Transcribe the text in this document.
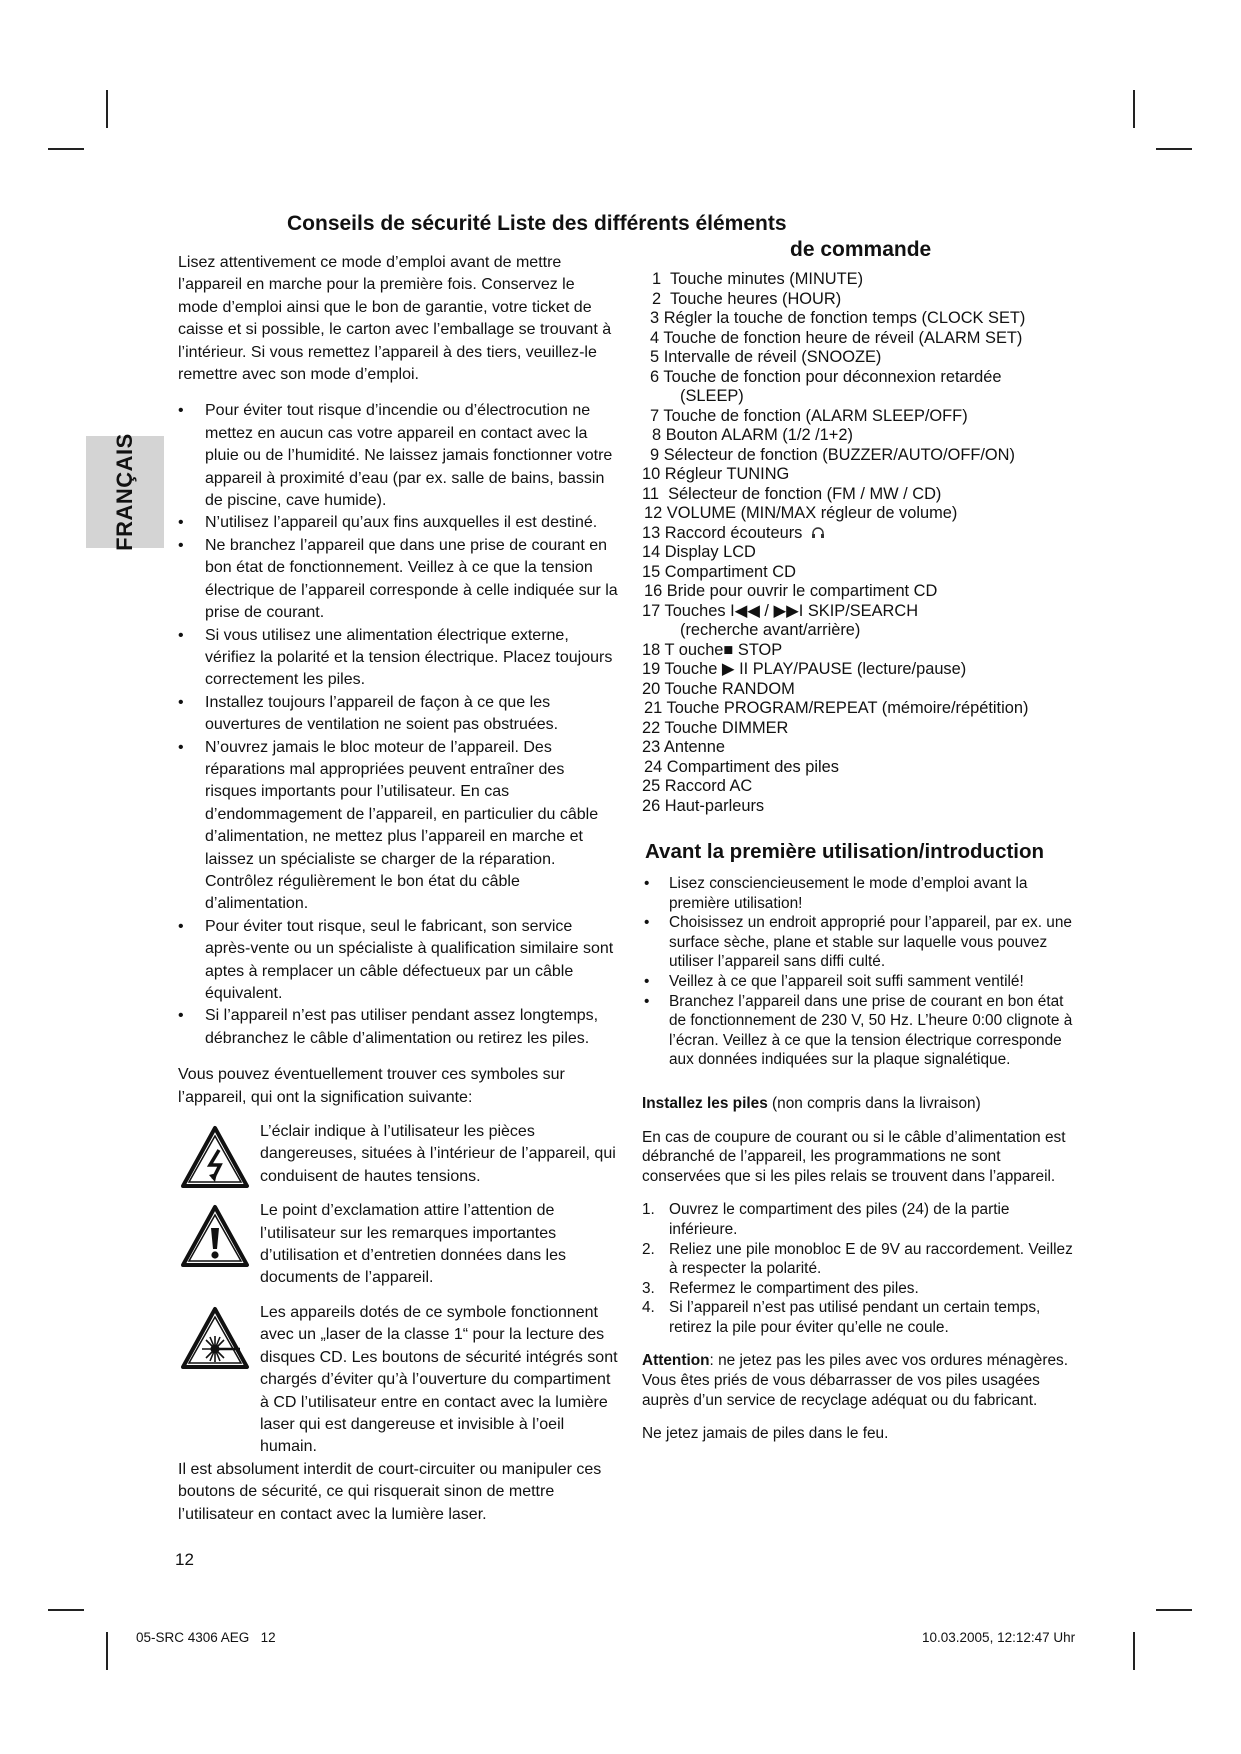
FRANÇAIS
Conseils de sécurité Liste des différents éléments
de commande

Lisez attentivement ce mode d’emploi avant de mettre l’appareil en marche pour la première fois. Conservez le mode d’emploi ainsi que le bon de garantie, votre ticket de caisse et si possible, le carton avec l’emballage se trouvant à l’intérieur. Si vous remettez l’appareil à des tiers, veuillez-le remettre avec son mode d’emploi.

• Pour éviter tout risque d’incendie ou d’électrocution ne mettez en aucun cas votre appareil en contact avec la pluie ou de l’humidité. Ne laissez jamais fonctionner votre appareil à proximité d’eau (par ex. salle de bains, bassin de piscine, cave humide).
• N’utilisez l’appareil qu’aux fins auxquelles il est destiné.
• Ne branchez l’appareil que dans une prise de courant en bon état de fonctionnement. Veillez à ce que la tension électrique de l’appareil corresponde à celle indiquée sur la prise de courant.
• Si vous utilisez une alimentation électrique externe, vérifiez la polarité et la tension électrique. Placez toujours correctement les piles.
• Installez toujours l’appareil de façon à ce que les ouvertures de ventilation ne soient pas obstruées.
• N’ouvrez jamais le bloc moteur de l’appareil. Des réparations mal appropriées peuvent entraîner des risques importants pour l’utilisateur. En cas d’endommagement de l’appareil, en particulier du câble d’alimentation, ne mettez plus l’appareil en marche et laissez un spécialiste se charger de la réparation. Contrôlez régulièrement le bon état du câble d’alimentation.
• Pour éviter tout risque, seul le fabricant, son service après-vente ou un spécialiste à qualification similaire sont aptes à remplacer un câble défectueux par un câble équivalent.
• Si l’appareil n’est pas utiliser pendant assez longtemps, débranchez le câble d’alimentation ou retirez les piles.

Vous pouvez éventuellement trouver ces symboles sur l’appareil, qui ont la signification suivante:

L’éclair indique à l’utilisateur les pièces dangereuses, situées à l’intérieur de l’appareil, qui conduisent de hautes tensions.

Le point d’exclamation attire l’attention de l’utilisateur sur les remarques importantes d’utilisation et d’entretien données dans les documents de l’appareil.

Les appareils dotés de ce symbole fonctionnent avec un „laser de la classe 1“ pour la lecture des disques CD. Les boutons de sécurité intégrés sont chargés d’éviter qu’à l’ouverture du compartiment à CD l’utilisateur entre en contact avec la lumière laser qui est dangereuse et invisible à l’oeil humain.

Il est absolument interdit de court-circuiter ou manipuler ces boutons de sécurité, ce qui risquerait sinon de mettre l’utilisateur en contact avec la lumière laser.

1 Touche minutes (MINUTE)
2 Touche heures (HOUR)
3 Régler la touche de fonction temps (CLOCK SET)
4 Touche de fonction heure de réveil (ALARM SET)
5 Intervalle de réveil (SNOOZE)
6 Touche de fonction pour déconnexion retardée
(SLEEP)
7 Touche de fonction (ALARM SLEEP/OFF)
8 Bouton ALARM (1/2 /1+2)
9 Sélecteur de fonction (BUZZER/AUTO/OFF/ON)
10 Régleur TUNING
11 Sélecteur de fonction (FM / MW / CD)
12 VOLUME (MIN/MAX régleur de volume)
13 Raccord écouteurs
14 Display LCD
15 Compartiment CD
16 Bride pour ouvrir le compartiment CD
17 Touches I◀◀ / ▶▶I SKIP/SEARCH
(recherche avant/arrière)
18 T ouche■ STOP
19 Touche ▶ II PLAY/PAUSE (lecture/pause)
20 Touche RANDOM
21 Touche PROGRAM/REPEAT (mémoire/répétition)
22 Touche DIMMER
23 Antenne
24 Compartiment des piles
25 Raccord AC
26 Haut-parleurs
Avant la première utilisation/introduction
• Lisez consciencieusement le mode d’emploi avant la première utilisation!
• Choisissez un endroit approprié pour l’appareil, par ex. une surface sèche, plane et stable sur laquelle vous pouvez utiliser l’appareil sans diffi culté.
• Veillez à ce que l’appareil soit suffi samment ventilé!
• Branchez l’appareil dans une prise de courant en bon état de fonctionnement de 230 V, 50 Hz. L’heure 0:00 clignote à l’écran. Veillez à ce que la tension électrique corresponde aux données indiquées sur la plaque signalétique.

Installez les piles (non compris dans la livraison)

En cas de coupure de courant ou si le câble d’alimentation est débranché de l’appareil, les programmations ne sont conservées que si les piles relais se trouvent dans l’appareil.

1. Ouvrez le compartiment des piles (24) de la partie inférieure.
2. Reliez une pile monobloc E de 9V au raccordement. Veillez à respecter la polarité.
3. Refermez le compartiment des piles.
4. Si l’appareil n’est pas utilisé pendant un certain temps, retirez la pile pour éviter qu’elle ne coule.

Attention: ne jetez pas les piles avec vos ordures ménagères. Vous êtes priés de vous débarrasser de vos piles usagées auprès d’un service de recyclage adéquat ou du fabricant.

Ne jetez jamais de piles dans le feu.

12
05-SRC 4306 AEG   12	10.03.2005, 12:12:47 Uhr
